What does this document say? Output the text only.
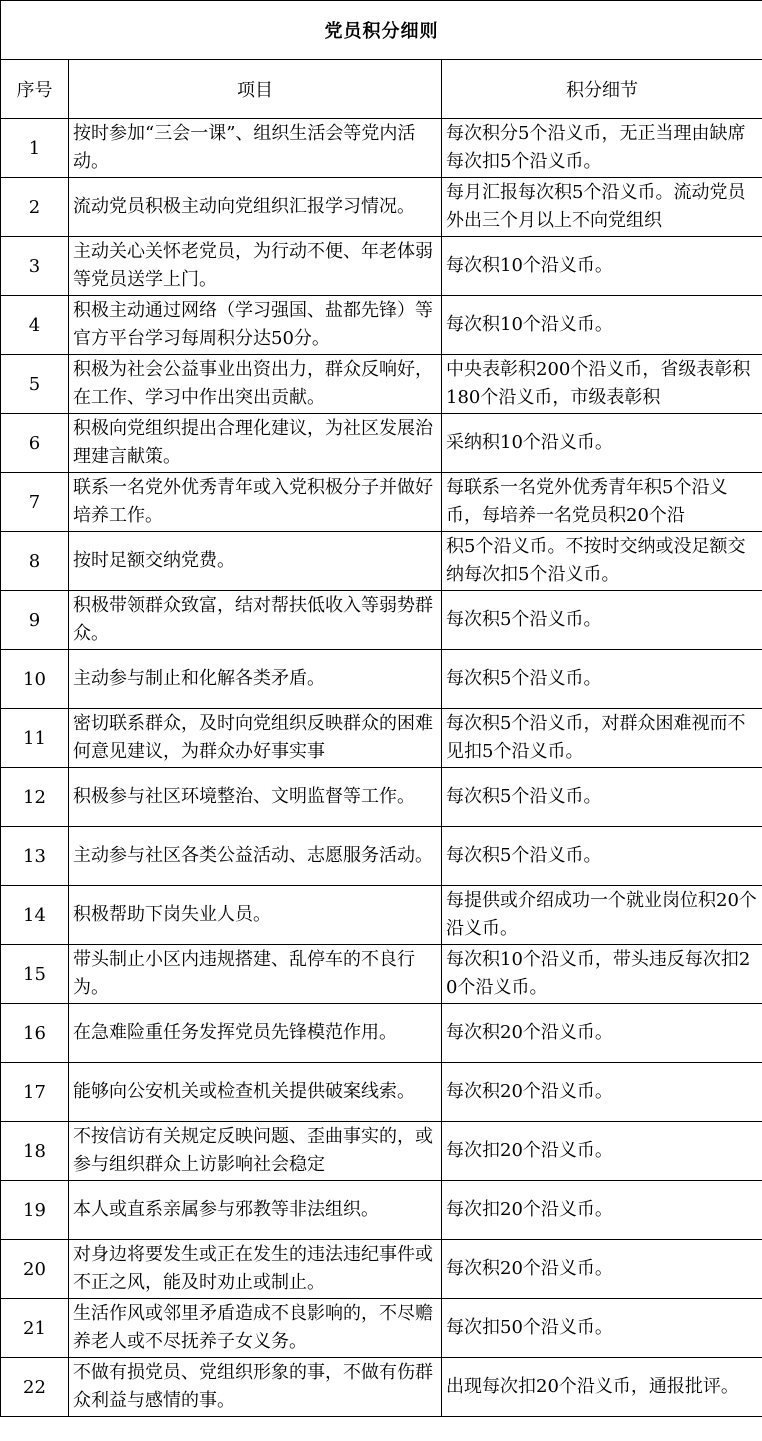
党员积分细则		
序号	项目	积分细节
1	按时参加“三会一课”、组织生活会等党内活动。	每次积分5个沿义币，无正当理由缺席每次扣5个沿义币。

2	流动党员积极主动向党组织汇报学习情况。	每月汇报每次积5个沿义币。流动党员外出三个月以上不向党组织

3	主动关心关怀老党员，为行动不便、年老体弱等党员送学上门。	每次积10个沿义币。

4	积极主动通过网络（学习强国、盐都先锋）等官方平台学习每周积分达50分。	每次积10个沿义币。

5	积极为社会公益事业出资出力，群众反响好，在工作、学习中作出突出贡献。	中央表彰积200个沿义币，省级表彰积180个沿义币，市级表彰积

6	积极向党组织提出合理化建议，为社区发展治理建言献策。	采纳积10个沿义币。

7	联系一名党外优秀青年或入党积极分子并做好培养工作。	每联系一名党外优秀青年积5个沿义币，每培养一名党员积20个沿

8	按时足额交纳党费。	积5个沿义币。不按时交纳或没足额交纳每次扣5个沿义币。

9	积极带领群众致富，结对帮扶低收入等弱势群众。	每次积5个沿义币。

10	主动参与制止和化解各类矛盾。	每次积5个沿义币。

11	密切联系群众，及时向党组织反映群众的困难何意见建议，为群众办好事实事	每次积5个沿义币，对群众困难视而不见扣5个沿义币。

12	积极参与社区环境整治、文明监督等工作。	每次积5个沿义币。

13	主动参与社区各类公益活动、志愿服务活动。	每次积5个沿义币。

14	积极帮助下岗失业人员。	每提供或介绍成功一个就业岗位积20个沿义币。

15	带头制止小区内违规搭建、乱停车的不良行为。	每次积10个沿义币，带头违反每次扣20个沿义币。

16	在急难险重任务发挥党员先锋模范作用。	每次积20个沿义币。

17	能够向公安机关或检查机关提供破案线索。	每次积20个沿义币。

18	不按信访有关规定反映问题、歪曲事实的，或参与组织群众上访影响社会稳定	每次扣20个沿义币。

19	本人或直系亲属参与邪教等非法组织。	每次扣20个沿义币。

20	对身边将要发生或正在发生的违法违纪事件或不正之风，能及时劝止或制止。	每次积20个沿义币。

21	生活作风或邻里矛盾造成不良影响的，不尽赡养老人或不尽抚养子女义务。	每次扣50个沿义币。

22	不做有损党员、党组织形象的事，不做有伤群众利益与感情的事。	出现每次扣20个沿义币，通报批评。
